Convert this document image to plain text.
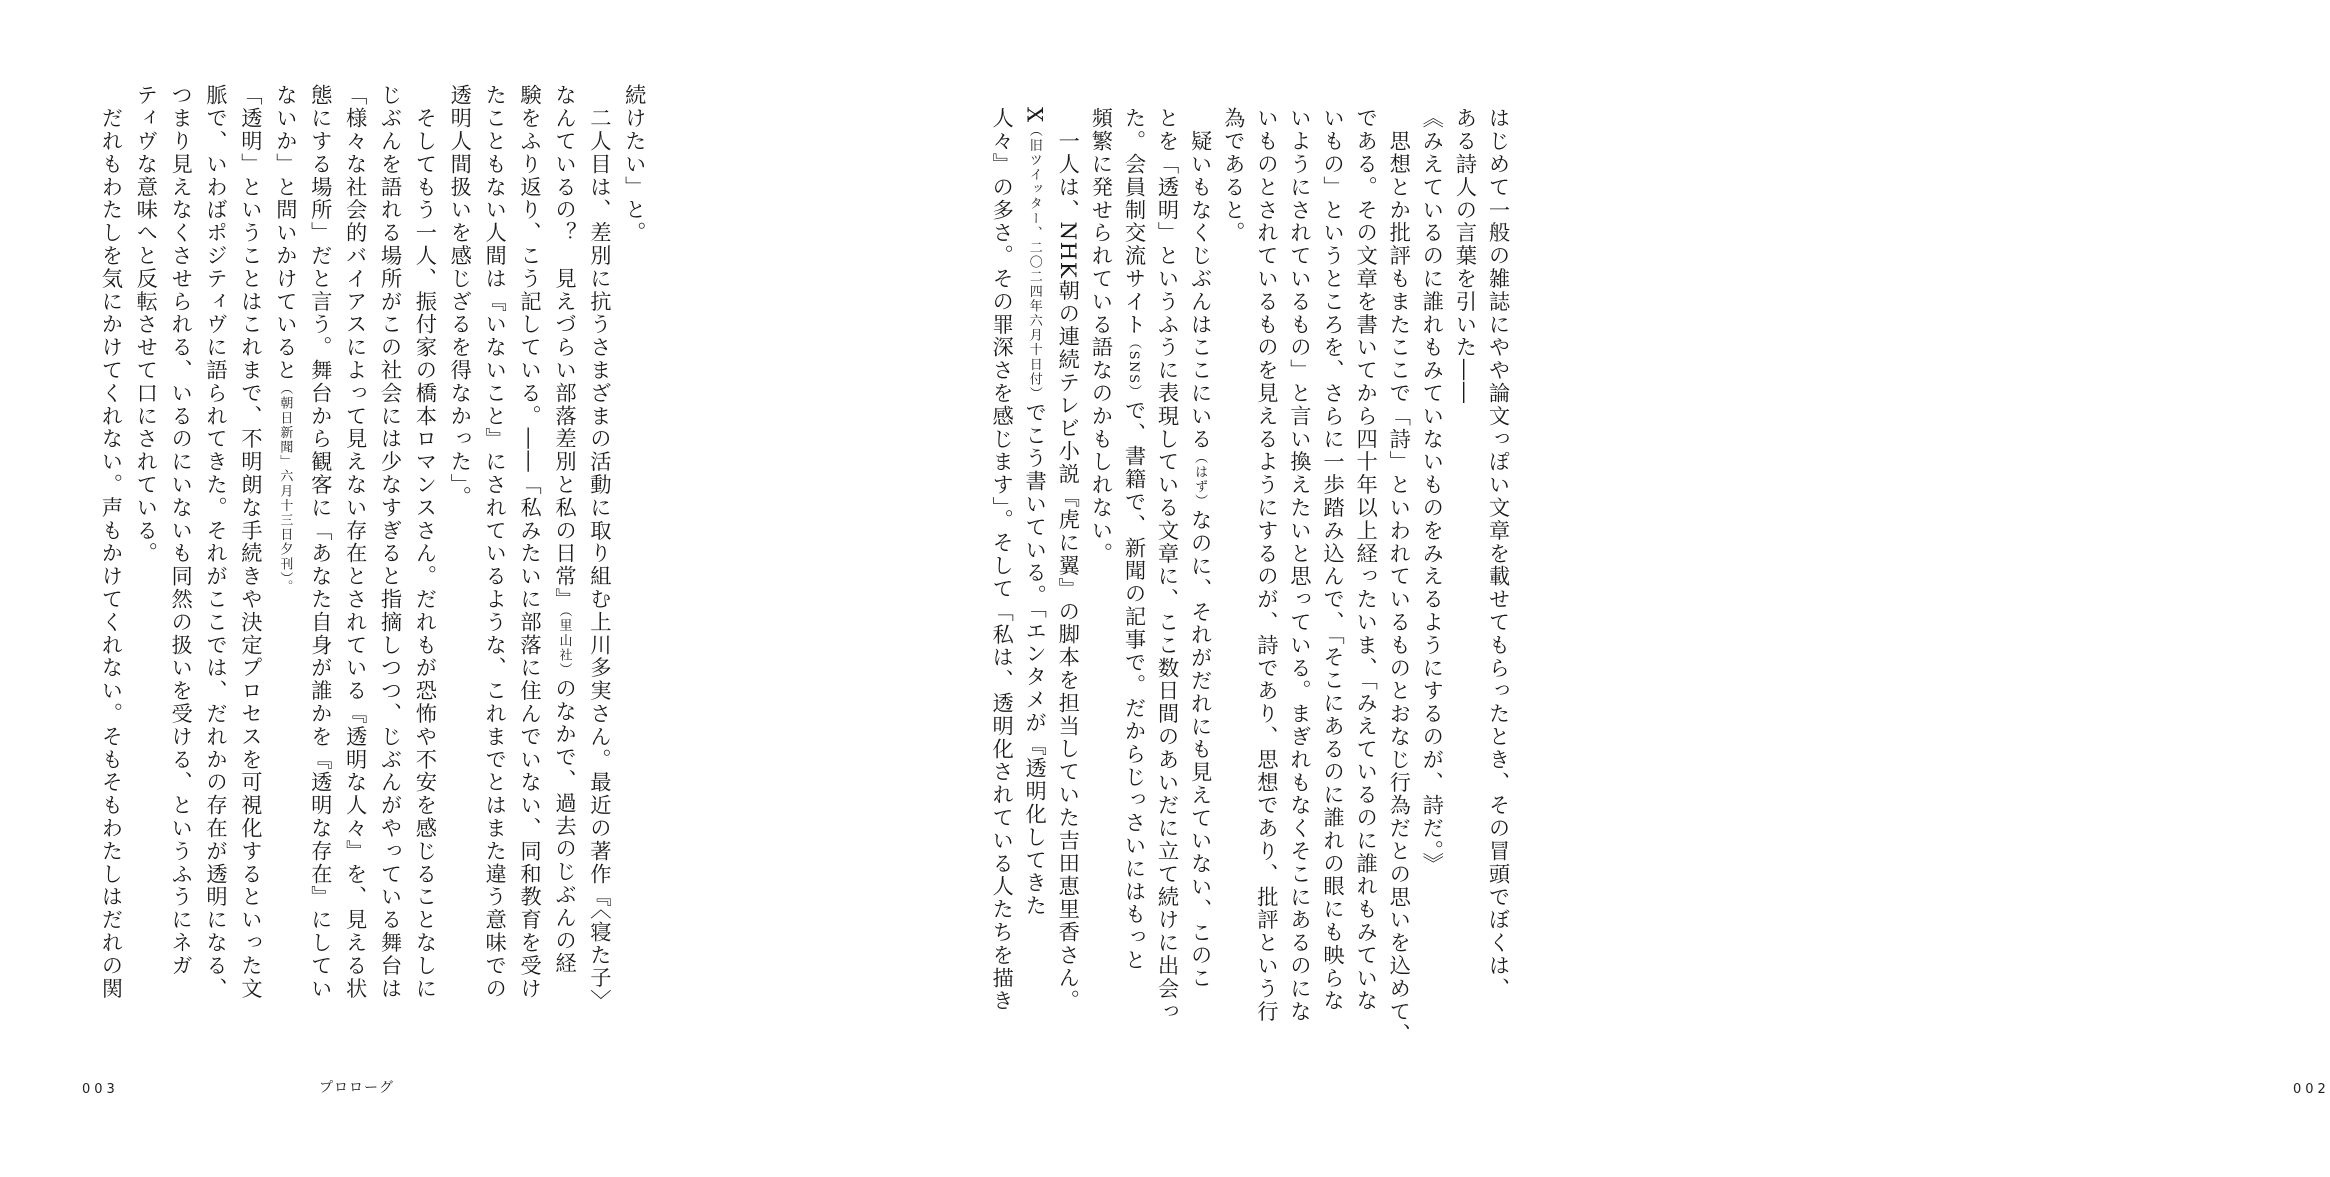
はじめて一般の雑誌にやや論文っぽい文章を載せてもらったとき、その冒頭でぼくは、
ある詩人の言葉を引いた――
《みえているのに誰れもみていないものをみえるようにするのが、詩だ。》
　思想とか批評もまたここで「詩」といわれているものとおなじ行為だとの思いを込めて、
である。その文章を書いてから四十年以上経ったいま、「みえているのに誰れもみていな
いもの」というところを、さらに一歩踏み込んで、「そこにあるのに誰れの眼にも映らな
いようにされているもの」と言い換えたいと思っている。まぎれもなくそこにあるのにな
いものとされているものを見えるようにするのが、詩であり、思想であり、批評という行
為であると。
　疑いもなくじぶんはここにいる（はず）なのに、それがだれにも見えていない、このこ
とを「透明」というふうに表現している文章に、ここ数日間のあいだに立て続けに出会っ
た。会員制交流サイト（SNS）で、書籍で、新聞の記事で。だからじっさいにはもっと
頻繁に発せられている語なのかもしれない。
　一人は、NHK朝の連続テレビ小説『虎に翼』の脚本を担当していた吉田恵里香さん。
X（旧ツイッター、二〇二四年六月十日付）でこう書いている。「エンタメが『透明化してきた
人々』の多さ。その罪深さを感じます」。そして「私は、透明化されている人たちを描き
002
続けたい」と。
　二人目は、差別に抗うさまざまの活動に取り組む上川多実さん。最近の著作『〈寝た子〉
なんているの？　見えづらい部落差別と私の日常』（里山社）のなかで、過去のじぶんの経
験をふり返り、こう記している。――「私みたいに部落に住んでいない、同和教育を受け
たこともない人間は『いないこと』にされているような、これまでとはまた違う意味での
透明人間扱いを感じざるを得なかった」。
　そしてもう一人、振付家の橋本ロマンスさん。だれもが恐怖や不安を感じることなしに
じぶんを語れる場所がこの社会には少なすぎると指摘しつつ、じぶんがやっている舞台は
「様々な社会的バイアスによって見えない存在とされている『透明な人々』を、見える状
態にする場所」だと言う。舞台から観客に「あなた自身が誰かを『透明な存在』にしてい
ないか」と問いかけていると（朝日新聞」六月十三日夕刊）。
「透明」ということはこれまで、不明朗な手続きや決定プロセスを可視化するといった文
脈で、いわばポジティヴに語られてきた。それがここでは、だれかの存在が透明になる、
つまり見えなくさせられる、いるのにいないも同然の扱いを受ける、というふうにネガ
ティヴな意味へと反転させて口にされている。
　だれもわたしを気にかけてくれない。声もかけてくれない。そもそもわたしはだれの関
003	プロローグ
